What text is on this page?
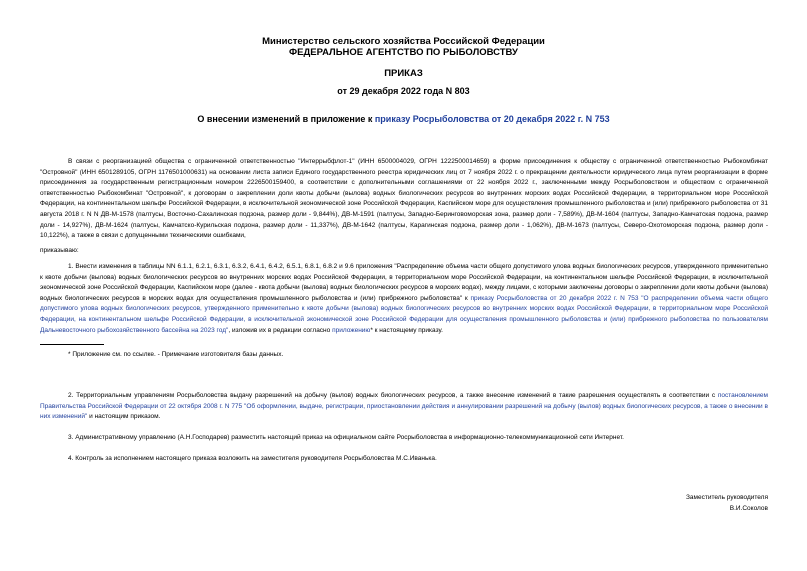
Министерство сельского хозяйства Российской Федерации
ФЕДЕРАЛЬНОЕ АГЕНТСТВО ПО РЫБОЛОВСТВУ
ПРИКАЗ
от 29 декабря 2022 года N 803
О внесении изменений в приложение к приказу Росрыболовства от 20 декабря 2022 г. N 753
В связи с реорганизацией общества с ограниченной ответственностью "Интеррыбфлот-1" (ИНН 6500004029, ОГРН 1222500014659) в форме присоединения к обществу с ограниченной ответственностью Рыбокомбинат "Островной" (ИНН 6501289105, ОГРН 1176501000631) на основании листа записи Единого государственного реестра юридических лиц от 7 ноября 2022 г. о прекращении деятельности юридического лица путем реорганизации в форме присоединения за государственным регистрационным номером 2226500159400, в соответствии с дополнительными соглашениями от 22 ноября 2022 г., заключенными между Росрыболовством и обществом с ограниченной ответственностью Рыбокомбинат "Островной", к договорам о закреплении доли квоты добычи (вылова) водных биологических ресурсов во внутренних морских водах Российской Федерации, в территориальном море Российской Федерации, на континентальном шельфе Российской Федерации, в исключительной экономической зоне Российской Федерации, Каспийском море для осуществления промышленного рыболовства и (или) прибрежного рыболовства от 31 августа 2018 г. N N ДВ-М-1578 (палтусы, Восточно-Сахалинская подзона, размер доли - 9,844%), ДВ-М-1591 (палтусы, Западно-Беринговоморская зона, размер доли - 7,589%), ДВ-М-1604 (палтусы, Западно-Камчатская подзона, размер доли - 14,927%), ДВ-М-1624 (палтусы, Камчатско-Курильская подзона, размер доли - 11,337%), ДВ-М-1642 (палтусы, Карагинская подзона, размер доли - 1,062%), ДВ-М-1673 (палтусы, Северо-Охотоморская подзона, размер доли - 10,122%), а также в связи с допущенными техническими ошибками,
приказываю:
1. Внести изменения в таблицы NN 6.1.1, 6.2.1, 6.3.1, 6.3.2, 6.4.1, 6.4.2, 6.5.1, 6.8.1, 6.8.2 и 9.6 приложения "Распределение объема части общего допустимого улова водных биологических ресурсов, утвержденного применительно к квоте добычи (вылова) водных биологических ресурсов во внутренних морских водах Российской Федерации, в территориальном море Российской Федерации, на континентальном шельфе Российской Федерации, в исключительной экономической зоне Российской Федерации, Каспийском море (далее - квота добычи (вылова) водных биологических ресурсов в морских водах), между лицами, с которыми заключены договоры о закреплении доли квоты добычи (вылова) водных биологических ресурсов в морских водах для осуществления промышленного рыболовства и (или) прибрежного рыболовства" к приказу Росрыболовства от 20 декабря 2022 г. N 753 "О распределении объема части общего допустимого улова водных биологических ресурсов, утвержденного применительно к квоте добычи (вылова) водных биологических ресурсов во внутренних морских водах Российской Федерации, в территориальном море Российской Федерации, на континентальном шельфе Российской Федерации, в исключительной экономической зоне Российской Федерации для осуществления промышленного рыболовства и (или) прибрежного рыболовства по пользователям Дальневосточного рыбохозяйственного бассейна на 2023 год", изложив их в редакции согласно приложению* к настоящему приказу.
* Приложение см. по ссылке. - Примечание изготовителя базы данных.
2. Территориальным управлениям Росрыболовства выдачу разрешений на добычу (вылов) водных биологических ресурсов, а также внесение изменений в такие разрешения осуществлять в соответствии с постановлением Правительства Российской Федерации от 22 октября 2008 г. N 775 "Об оформлении, выдаче, регистрации, приостановлении действия и аннулировании разрешений на добычу (вылов) водных биологических ресурсов, а также о внесении в них изменений" и настоящим приказом.
3. Административному управлению (А.Н.Господарев) разместить настоящий приказ на официальном сайте Росрыболовства в информационно-телекоммуникационной сети Интернет.
4. Контроль за исполнением настоящего приказа возложить на заместителя руководителя Росрыболовства М.С.Иванька.
Заместитель руководителя
В.И.Соколов
